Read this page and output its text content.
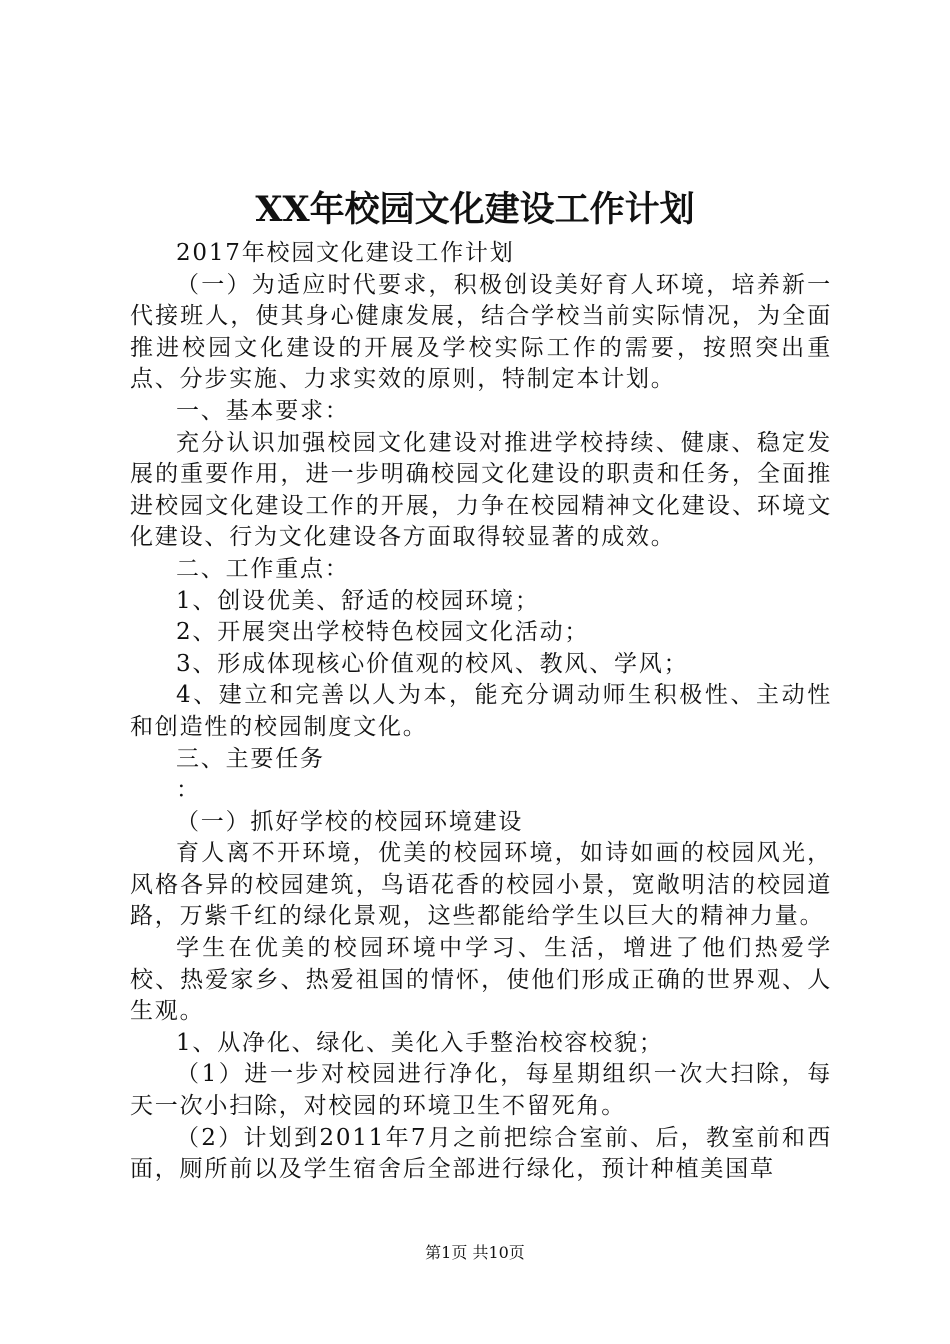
XX年校园文化建设工作计划

2017年校园文化建设工作计划

（一）为适应时代要求，积极创设美好育人环境，培养新一代接班人，使其身心健康发展，结合学校当前实际情况，为全面推进校园文化建设的开展及学校实际工作的需要，按照突出重点、分步实施、力求实效的原则，特制定本计划。

一、基本要求：

充分认识加强校园文化建设对推进学校持续、健康、稳定发展的重要作用，进一步明确校园文化建设的职责和任务，全面推进校园文化建设工作的开展，力争在校园精神文化建设、环境文化建设、行为文化建设各方面取得较显著的成效。

二、工作重点：

1、创设优美、舒适的校园环境；

2、开展突出学校特色校园文化活动；

3、形成体现核心价值观的校风、教风、学风；

4、建立和完善以人为本，能充分调动师生积极性、主动性和创造性的校园制度文化。

三、主要任务

：

（一）抓好学校的校园环境建设

育人离不开环境，优美的校园环境，如诗如画的校园风光，风格各异的校园建筑，鸟语花香的校园小景，宽敞明洁的校园道路，万紫千红的绿化景观，这些都能给学生以巨大的精神力量。

学生在优美的校园环境中学习、生活，增进了他们热爱学校、热爱家乡、热爱祖国的情怀，使他们形成正确的世界观、人生观。

1、从净化、绿化、美化入手整治校容校貌；

（1）进一步对校园进行净化，每星期组织一次大扫除，每天一次小扫除，对校园的环境卫生不留死角。

（2）计划到2011年7月之前把综合室前、后，教室前和西面，厕所前以及学生宿舍后全部进行绿化，预计种植美国草

第1页 共10页
